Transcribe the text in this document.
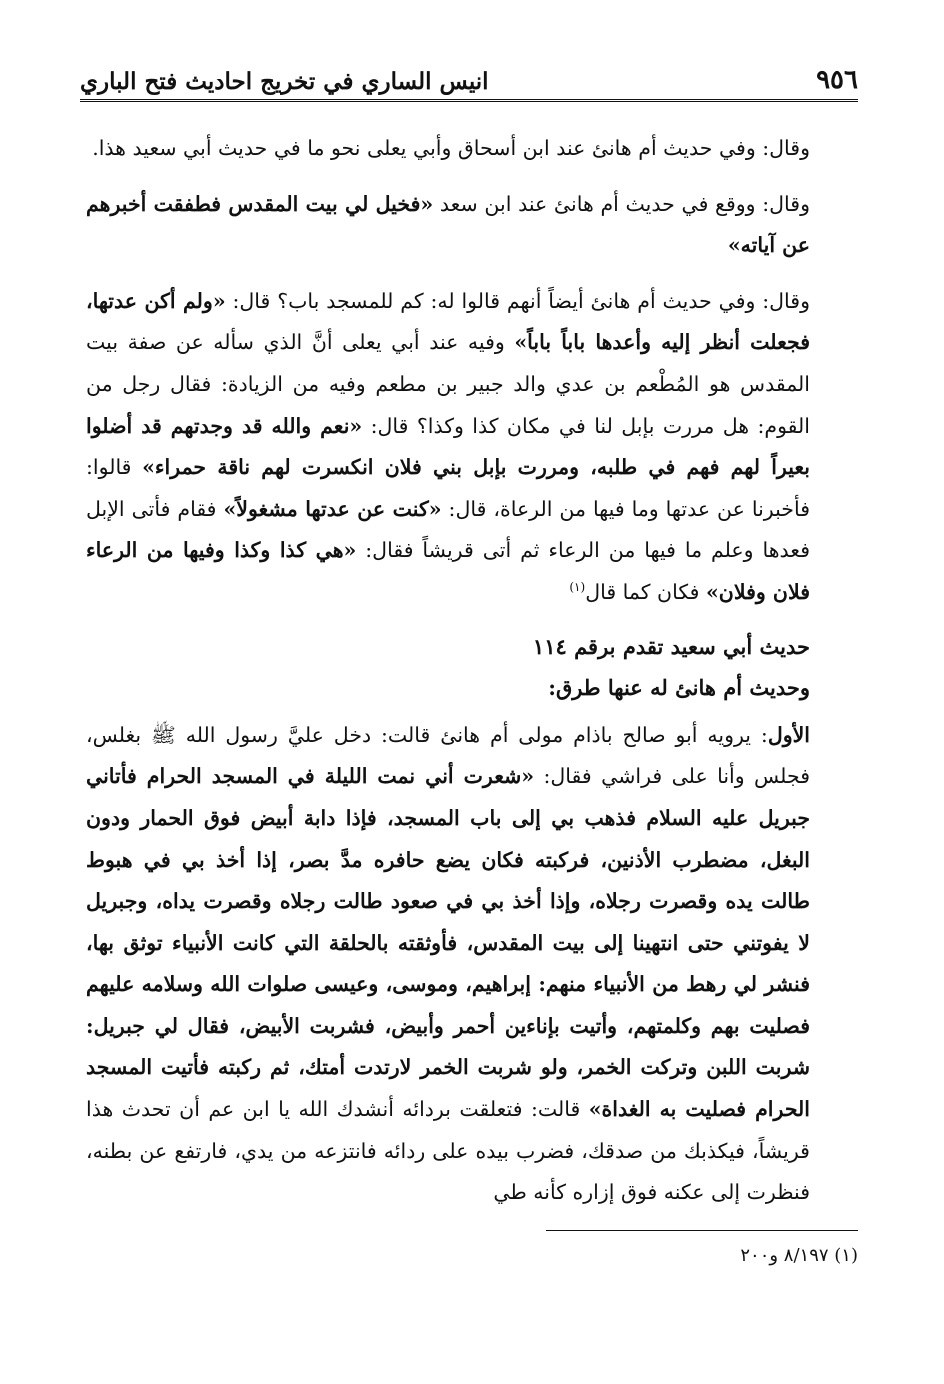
٩٥٦
انيس الساري في تخريج احاديث فتح الباري

وقال: وفي حديث أم هانئ عند ابن أسحاق وأبي يعلى نحو ما في حديث أبي سعيد هذا.

وقال: ووقع في حديث أم هانئ عند ابن سعد «فخيل لي بيت المقدس فطفقت أخبرهم عن آياته»

وقال: وفي حديث أم هانئ أيضاً أنهم قالوا له: كم للمسجد باب؟ قال: «ولم أكن عدتها، فجعلت أنظر إليه وأعدها باباً باباً» وفيه عند أبي يعلى أنَّ الذي سأله عن صفة بيت المقدس هو المُطْعم بن عدي والد جبير بن مطعم وفيه من الزيادة: فقال رجل من القوم: هل مررت بإبل لنا في مكان كذا وكذا؟ قال: «نعم والله قد وجدتهم قد أضلوا بعيراً لهم فهم في طلبه، ومررت بإبل بني فلان انكسرت لهم ناقة حمراء» قالوا: فأخبرنا عن عدتها وما فيها من الرعاة، قال: «كنت عن عدتها مشغولاً» فقام فأتى الإبل فعدها وعلم ما فيها من الرعاء ثم أتى قريشاً فقال: «هي كذا وكذا وفيها من الرعاء فلان وفلان» فكان كما قال$^{(١)}$

حديث أبي سعيد تقدم برقم ١١٤

وحديث أم هانئ له عنها طرق:

الأول: يرويه أبو صالح باذام مولى أم هانئ قالت: دخل عليَّ رسول الله ﷺ بغلس، فجلس وأنا على فراشي فقال: «شعرت أني نمت الليلة في المسجد الحرام فأتاني جبريل عليه السلام فذهب بي إلى باب المسجد، فإذا دابة أبيض فوق الحمار ودون البغل، مضطرب الأذنين، فركبته فكان يضع حافره مدَّ بصر، إذا أخذ بي في هبوط طالت يده وقصرت رجلاه، وإذا أخذ بي في صعود طالت رجلاه وقصرت يداه، وجبريل لا يفوتني حتى انتهينا إلى بيت المقدس، فأوثقته بالحلقة التي كانت الأنبياء توثق بها، فنشر لي رهط من الأنبياء منهم: إبراهيم، وموسى، وعيسى صلوات الله وسلامه عليهم فصليت بهم وكلمتهم، وأتيت بإناءين أحمر وأبيض، فشربت الأبيض، فقال لي جبريل: شربت اللبن وتركت الخمر، ولو شربت الخمر لارتدت أمتك، ثم ركبته فأتيت المسجد الحرام فصليت به الغداة» قالت: فتعلقت بردائه أنشدك الله يا ابن عم أن تحدث هذا قريشاً، فيكذبك من صدقك، فضرب بيده على ردائه فانتزعه من يدي، فارتفع عن بطنه، فنظرت إلى عكنه فوق إزاره كأنه طي

(١) ٨/١٩٧ و٢٠٠
